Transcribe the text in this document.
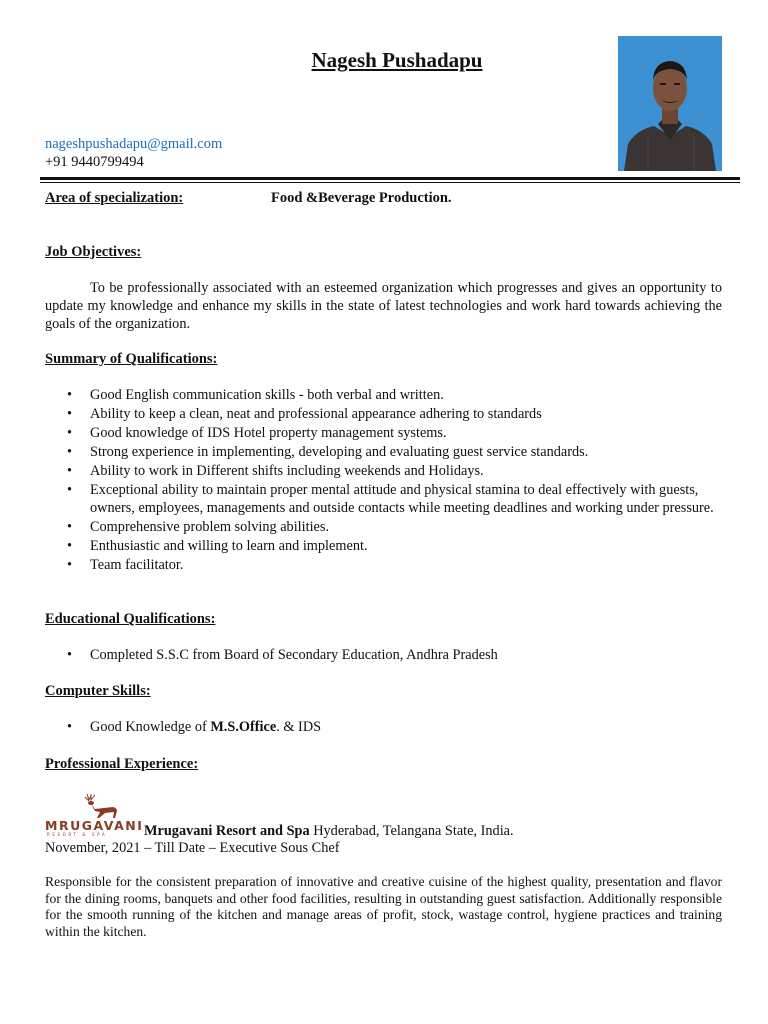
Nagesh Pushadapu
nageshpushadapu@gmail.com
+91 9440799494
Area of specialization:	Food &Beverage Production.
Job Objectives:
To be professionally associated with an esteemed organization which progresses and gives an opportunity to update my knowledge and enhance my skills in the state of latest technologies and work hard towards achieving the goals of the organization.
Summary of Qualifications:
• Good English communication skills - both verbal and written.
• Ability to keep a clean, neat and professional appearance adhering to standards
• Good knowledge of IDS Hotel property management systems.
• Strong experience in implementing, developing and evaluating guest service standards.
• Ability to work in Different shifts including weekends and Holidays.
• Exceptional ability to maintain proper mental attitude and physical stamina to deal effectively with guests, owners, employees, managements and outside contacts while meeting deadlines and working under pressure.
• Comprehensive problem solving abilities.
• Enthusiastic and willing to learn and implement.
• Team facilitator.
Educational Qualifications:
• Completed S.S.C from Board of Secondary Education, Andhra Pradesh
Computer Skills:
• Good Knowledge of M.S.Office. & IDS
Professional Experience:
MRUGAVANI
RESORT & SPA	Mrugavani Resort and Spa Hyderabad, Telangana State, India.
November, 2021 – Till Date – Executive Sous Chef
Responsible for the consistent preparation of innovative and creative cuisine of the highest quality, presentation and flavor for the dining rooms, banquets and other food facilities, resulting in outstanding guest satisfaction. Additionally responsible for the smooth running of the kitchen and manage areas of profit, stock, wastage control, hygiene practices and training within the kitchen.
